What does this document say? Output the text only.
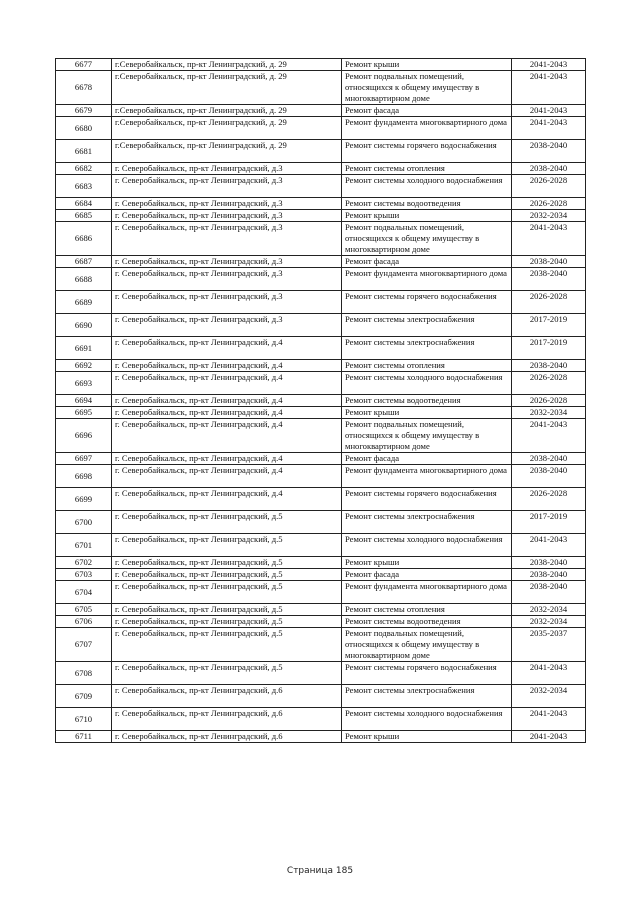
6677	г.Северобайкальск, пр-кт Ленинградский, д. 29	Ремонт крыши	2041-2043
6678	г.Северобайкальск, пр-кт Ленинградский, д. 29	Ремонт подвальных помещений, относящихся к общему имуществу в многоквартирном доме	2041-2043
6679	г.Северобайкальск, пр-кт Ленинградский, д. 29	Ремонт фасада	2041-2043
6680	г.Северобайкальск, пр-кт Ленинградский, д. 29	Ремонт фундамента многоквартирного дома	2041-2043
6681	г.Северобайкальск, пр-кт Ленинградский, д. 29	Ремонт системы горячего водоснабжения	2038-2040
6682	г. Северобайкальск, пр-кт Ленинградский, д.3	Ремонт системы отопления	2038-2040
6683	г. Северобайкальск, пр-кт Ленинградский, д.3	Ремонт системы холодного водоснабжения	2026-2028
6684	г. Северобайкальск, пр-кт Ленинградский, д.3	Ремонт системы водоотведения	2026-2028
6685	г. Северобайкальск, пр-кт Ленинградский, д.3	Ремонт крыши	2032-2034
6686	г. Северобайкальск, пр-кт Ленинградский, д.3	Ремонт подвальных помещений, относящихся к общему имуществу в многоквартирном доме	2041-2043
6687	г. Северобайкальск, пр-кт Ленинградский, д.3	Ремонт фасада	2038-2040
6688	г. Северобайкальск, пр-кт Ленинградский, д.3	Ремонт фундамента многоквартирного дома	2038-2040
6689	г. Северобайкальск, пр-кт Ленинградский, д.3	Ремонт системы горячего водоснабжения	2026-2028
6690	г. Северобайкальск, пр-кт Ленинградский, д.3	Ремонт системы электроснабжения	2017-2019
6691	г. Северобайкальск, пр-кт Ленинградский, д.4	Ремонт системы электроснабжения	2017-2019
6692	г. Северобайкальск, пр-кт Ленинградский, д.4	Ремонт системы отопления	2038-2040
6693	г. Северобайкальск, пр-кт Ленинградский, д.4	Ремонт системы холодного водоснабжения	2026-2028
6694	г. Северобайкальск, пр-кт Ленинградский, д.4	Ремонт системы водоотведения	2026-2028
6695	г. Северобайкальск, пр-кт Ленинградский, д.4	Ремонт крыши	2032-2034
6696	г. Северобайкальск, пр-кт Ленинградский, д.4	Ремонт подвальных помещений, относящихся к общему имуществу в многоквартирном доме	2041-2043
6697	г. Северобайкальск, пр-кт Ленинградский, д.4	Ремонт фасада	2038-2040
6698	г. Северобайкальск, пр-кт Ленинградский, д.4	Ремонт фундамента многоквартирного дома	2038-2040
6699	г. Северобайкальск, пр-кт Ленинградский, д.4	Ремонт системы горячего водоснабжения	2026-2028
6700	г. Северобайкальск, пр-кт Ленинградский, д.5	Ремонт системы электроснабжения	2017-2019
6701	г. Северобайкальск, пр-кт Ленинградский, д.5	Ремонт системы холодного водоснабжения	2041-2043
6702	г. Северобайкальск, пр-кт Ленинградский, д.5	Ремонт крыши	2038-2040
6703	г. Северобайкальск, пр-кт Ленинградский, д.5	Ремонт фасада	2038-2040
6704	г. Северобайкальск, пр-кт Ленинградский, д.5	Ремонт фундамента многоквартирного дома	2038-2040
6705	г. Северобайкальск, пр-кт Ленинградский, д.5	Ремонт системы отопления	2032-2034
6706	г. Северобайкальск, пр-кт Ленинградский, д.5	Ремонт системы водоотведения	2032-2034
6707	г. Северобайкальск, пр-кт Ленинградский, д.5	Ремонт подвальных помещений, относящихся к общему имуществу в многоквартирном доме	2035-2037
6708	г. Северобайкальск, пр-кт Ленинградский, д.5	Ремонт системы горячего водоснабжения	2041-2043
6709	г. Северобайкальск, пр-кт Ленинградский, д.6	Ремонт системы электроснабжения	2032-2034
6710	г. Северобайкальск, пр-кт Ленинградский, д.6	Ремонт системы холодного водоснабжения	2041-2043
6711	г. Северобайкальск, пр-кт Ленинградский, д.6	Ремонт крыши	2041-2043
Страница 185
